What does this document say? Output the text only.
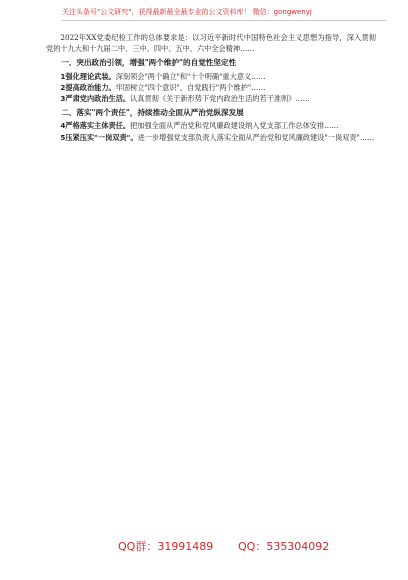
关注头条号"公文研究"，获得最新最全最专业的公文资料库！ 微信：gongwenyj

2022年XX党委纪检工作的总体要求是：以习近平新时代中国特色社会主义思想为指导，深入贯彻党的十九大和十九届二中、三中、四中、五中、六中全会精神……

一、突出政治引领，增强"两个维护"的自觉性坚定性

1强化理论武装。深刻领会"两个确立"和"十个明确"重大意义……

2提高政治能力。牢固树立"四个意识"，自觉践行"两个维护"……

3严肃党内政治生活。认真贯彻《关于新形势下党内政治生活的若干准则》……

二、落实"两个责任"，持续推动全面从严治党纵深发展

4严格落实主体责任。把加强全面从严治党和党风廉政建设纳入党支部工作总体安排……

5压紧压实"一岗双责"。进一步增强党支部负责人落实全面从严治党和党风廉政建设"一岗双责"……

QQ群：31991489 QQ：535304092
